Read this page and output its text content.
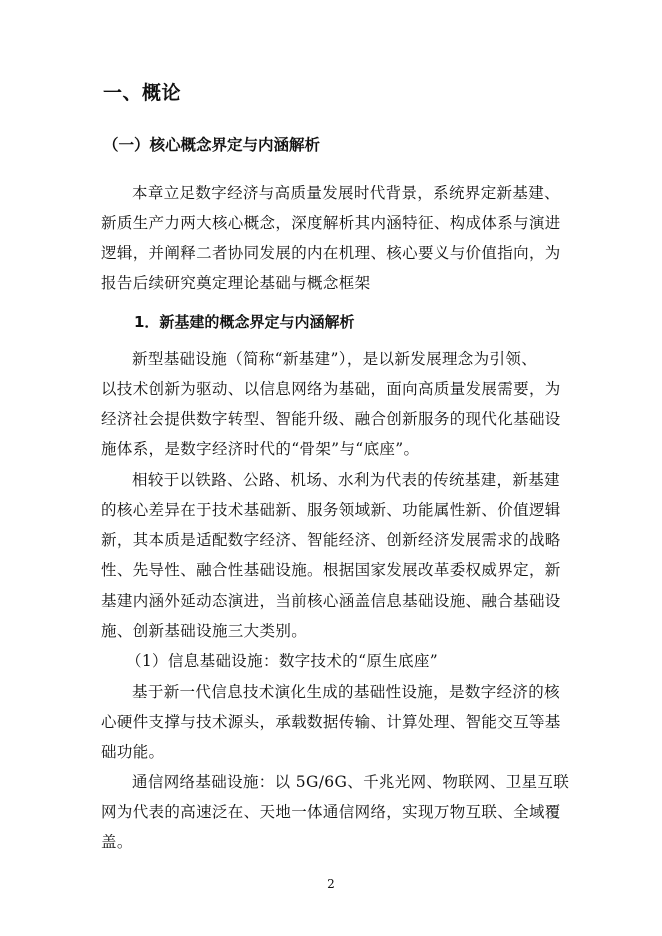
一、概论
（一）核心概念界定与内涵解析
本章立足数字经济与高质量发展时代背景，系统界定新基建、
新质生产力两大核心概念，深度解析其内涵特征、构成体系与演进
逻辑，并阐释二者协同发展的内在机理、核心要义与价值指向，为
报告后续研究奠定理论基础与概念框架
1．新基建的概念界定与内涵解析
新型基础设施（简称“新基建”），是以新发展理念为引领、
以技术创新为驱动、以信息网络为基础，面向高质量发展需要，为
经济社会提供数字转型、智能升级、融合创新服务的现代化基础设
施体系，是数字经济时代的“骨架”与“底座”。
相较于以铁路、公路、机场、水利为代表的传统基建，新基建
的核心差异在于技术基础新、服务领域新、功能属性新、价值逻辑
新，其本质是适配数字经济、智能经济、创新经济发展需求的战略
性、先导性、融合性基础设施。根据国家发展改革委权威界定，新
基建内涵外延动态演进，当前核心涵盖信息基础设施、融合基础设
施、创新基础设施三大类别。
（1）信息基础设施：数字技术的“原生底座”
基于新一代信息技术演化生成的基础性设施，是数字经济的核
心硬件支撑与技术源头，承载数据传输、计算处理、智能交互等基
础功能。
通信网络基础设施：以 5G/6G、千兆光网、物联网、卫星互联
网为代表的高速泛在、天地一体通信网络，实现万物互联、全域覆
盖。
2
